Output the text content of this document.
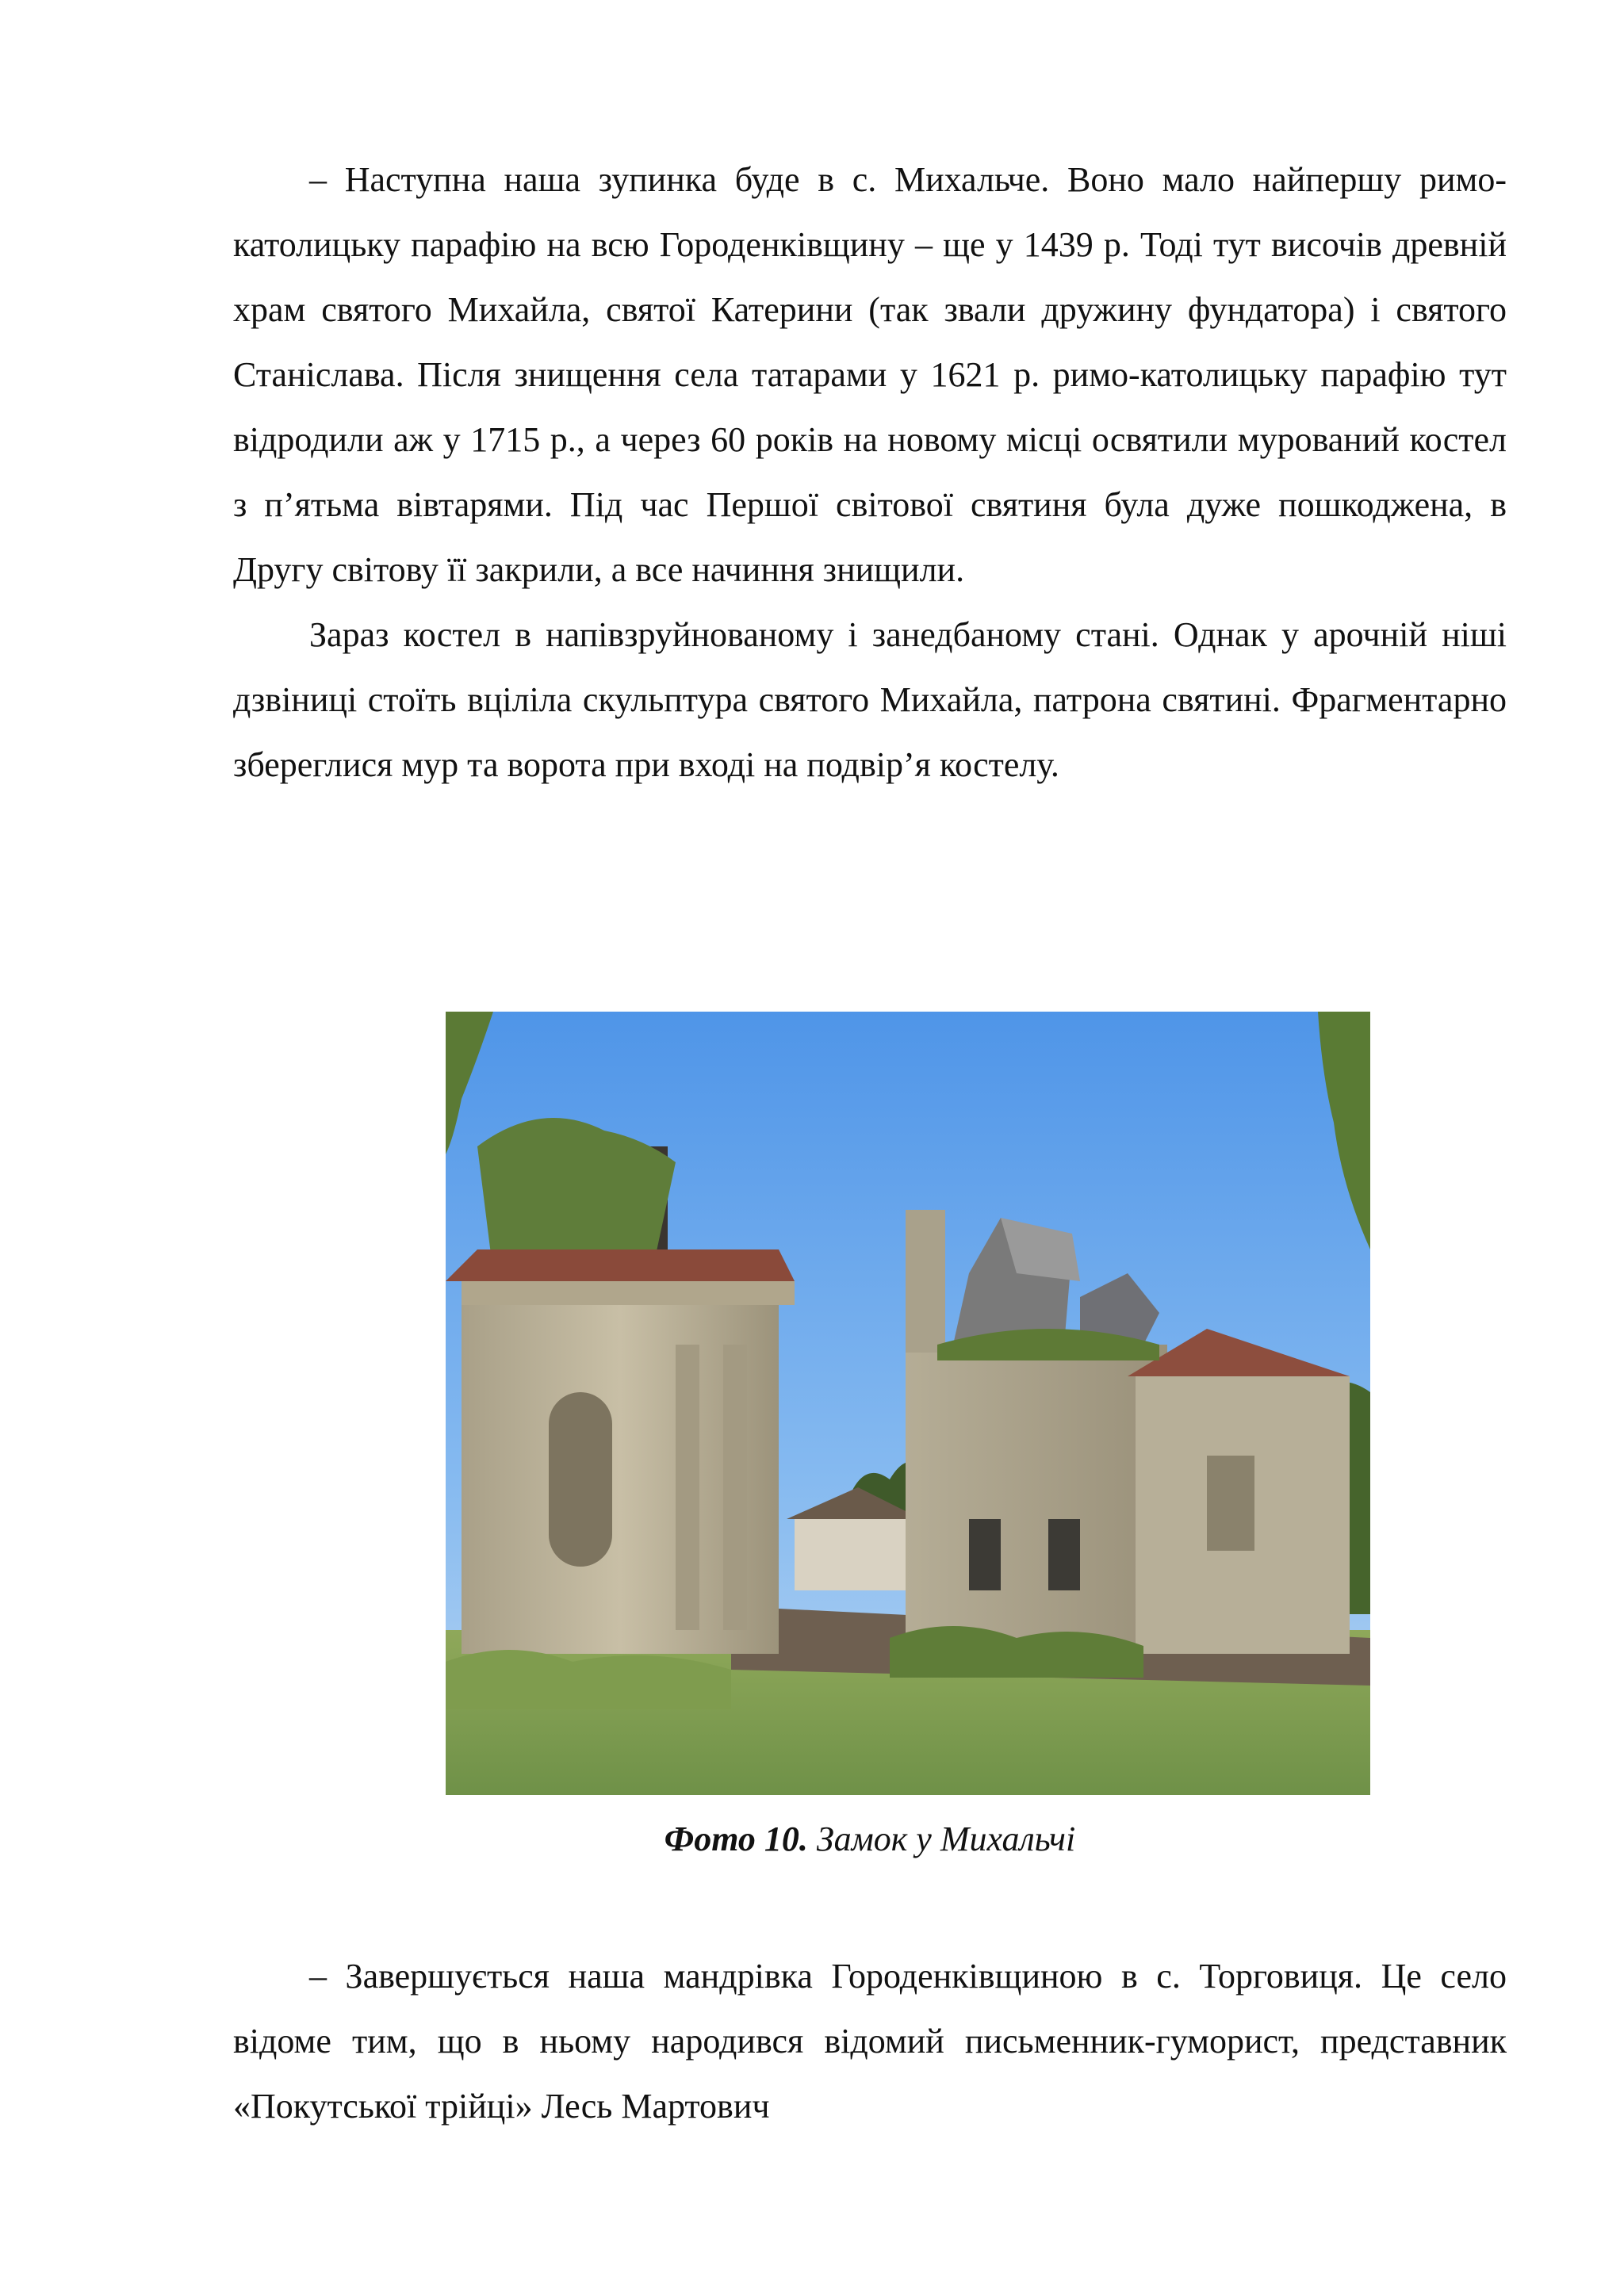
– Наступна наша зупинка буде в с. Михальче. Воно мало найпершу римо-католицьку парафію на всю Городенківщину – ще у 1439 р. Тоді тут височів древній храм святого Михайла, святої Катерини (так звали дружину фундатора) і святого Станіслава. Після знищення села татарами у 1621 р. римо-католицьку парафію тут відродили аж у 1715 р., а через 60 років на новому місці освятили мурований костел з п’ятьма вівтарями. Під час Першої світової святиня була дуже пошкоджена, в Другу світову її закрили, а все начиння знищили.

Зараз костел в напівзруйнованому і занедбаному стані. Однак у арочній ніші дзвіниці стоїть вціліла скульптура святого Михайла, патрона святині. Фрагментарно збереглися мур та ворота при вході на подвір’я костелу.

Фото 10. Замок у Михальчі

– Завершується наша мандрівка Городенківщиною в с. Торговиця. Це село відоме тим, що в ньому народився відомий письменник-гуморист, представник «Покутської трійці» Лесь Мартович
